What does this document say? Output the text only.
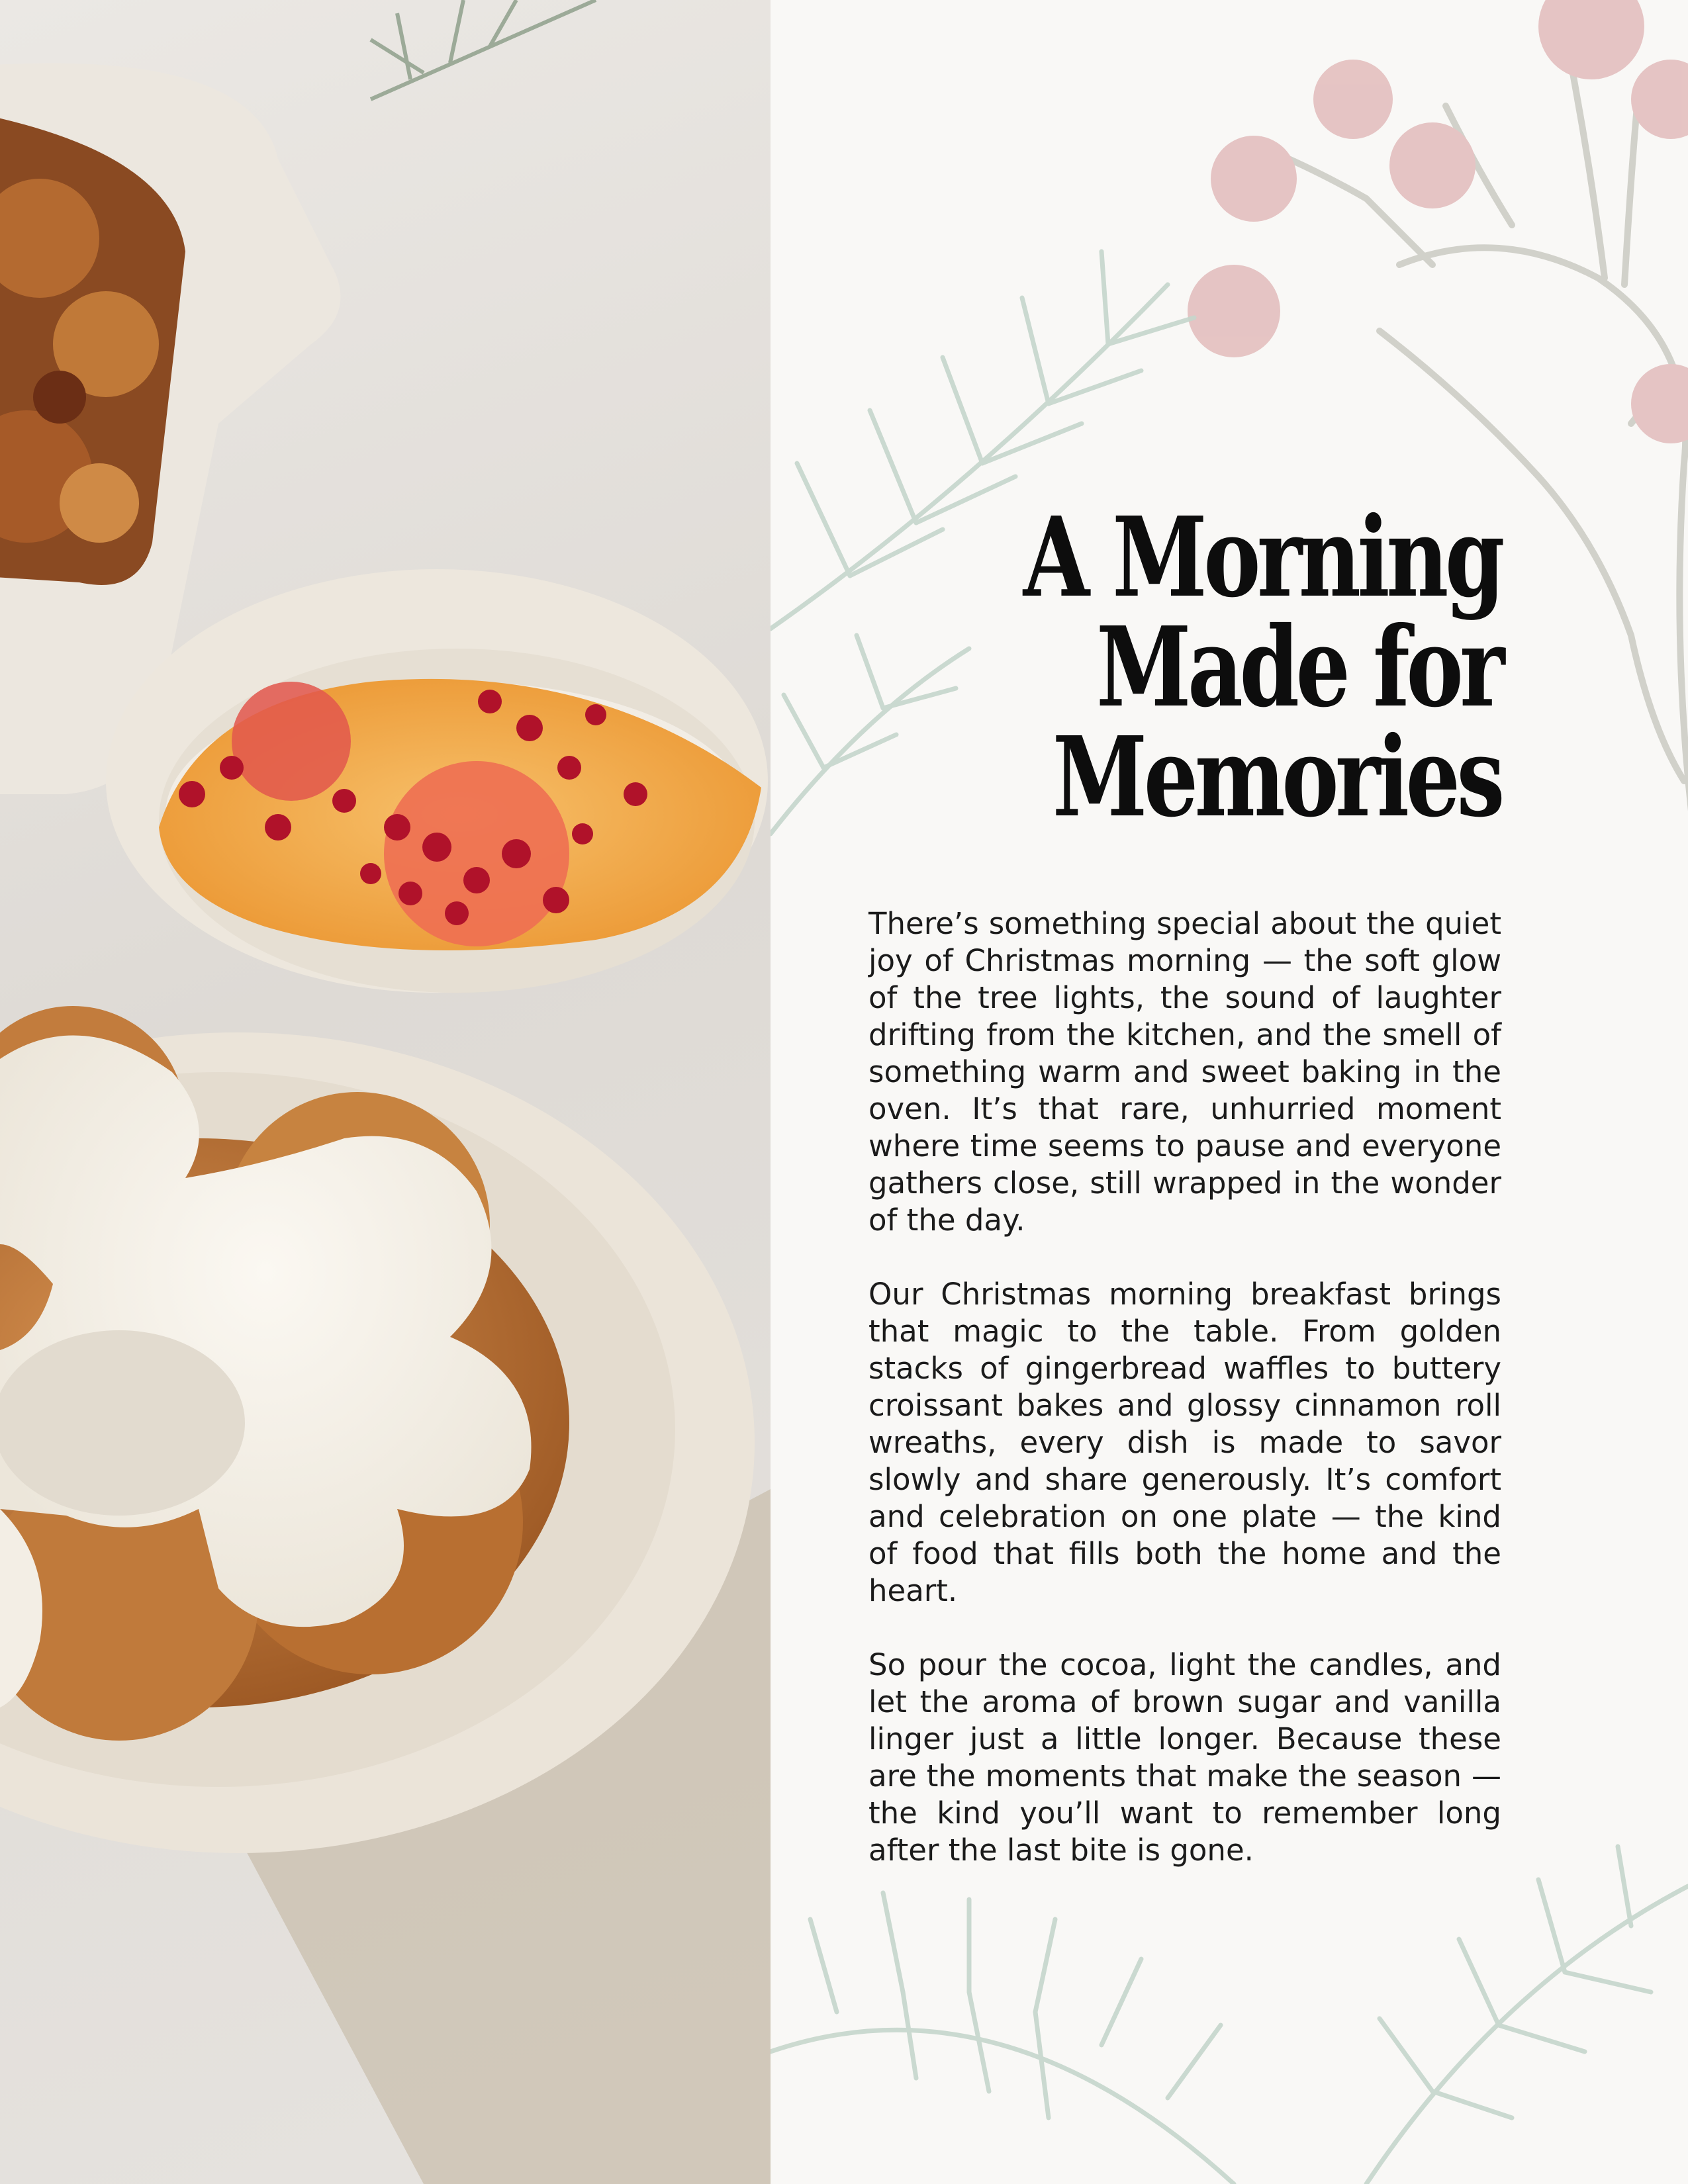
A Morning
Made for
Memories

There’s something special about the quiet joy of Christmas morning — the soft glow of the tree lights, the sound of laughter drifting from the kitchen, and the smell of something warm and sweet baking in the oven. It’s that rare, unhurried moment where time seems to pause and everyone gathers close, still wrapped in the wonder of the day.

Our Christmas morning breakfast brings that magic to the table. From golden stacks of gingerbread waffles to buttery croissant bakes and glossy cinnamon roll wreaths, every dish is made to savor slowly and share generously. It’s comfort and celebration on one plate — the kind of food that fills both the home and the heart.

So pour the cocoa, light the candles, and let the aroma of brown sugar and vanilla linger just a little longer. Because these are the moments that make the season — the kind you’ll want to remember long after the last bite is gone.
